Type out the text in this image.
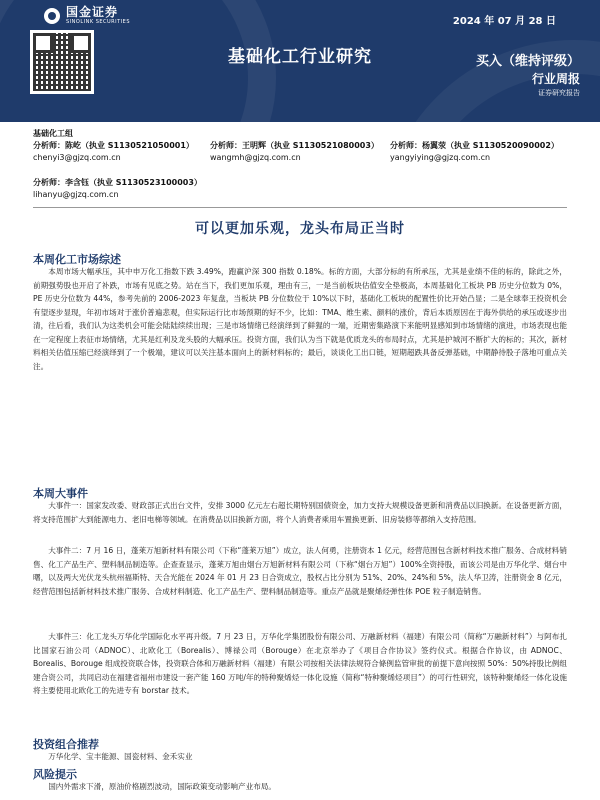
国金证券
SINOLINK SECURITIES	2024 年 07 月 28 日
基础化工行业研究	买入（维持评级）
行业周报
证券研究报告
基础化工组
分析师：陈屹（执业 S1130521050001）
chenyi3@gjzq.com.cn
分析师：王明辉（执业 S1130521080003）
wangmh@gjzq.com.cn
分析师：杨翼荥（执业 S1130520090002）
yangyiying@gjzq.com.cn
分析师：李含钰（执业 S1130523100003）
lihanyu@gjzq.com.cn
可以更加乐观，龙头布局正当时
本周化工市场综述

本周市场大幅承压，其中申万化工指数下跌 3.49%，跑赢沪深 300 指数 0.18%。标的方面，大部分标的有所承压，尤其是业绩不佳的标的，除此之外，前期强势股也开启了补跌，市场有见底之势。站在当下，我们更加乐观，理由有三，一是当前板块估值安全垫极高，本周基础化工板块 PB 历史分位数为 0%，PE 历史分位数为 44%，参考先前的 2006-2023 年复盘，当板块 PB 分位数位于 10%以下时，基础化工板块的配置性价比开始凸显；二是全球奉王投资机会有望逐步显现，年初市场对于涨价普遍悲观，但实际运行比市场预期的好不少，比如：TMA、维生素、颜料的涨价，背后本质原因在于海外供给的承压或逐步出清，往后看，我们认为这类机会可能会陆陆续续出现；三是市场情绪已经演绎到了鲜猩的一端，近期密集路演下来能明显感知到市场情绪的演进，市场表现也能在一定程度上表征市场情绪，尤其是红利及龙头股的大幅承压。投资方面，我们认为当下就是优质龙头的布局时点，尤其是护城河不断扩大的标的；其次，新材料相关估值压缩已经演绎到了一个极端，建议可以关注基本面向上的新材料标的；最后，谈谈化工出口链，短期超跌具备反弹基础，中期静待股子落地可重点关注。

本周大事件

大事件一：国家发改委、财政部正式出台文件，安排 3000 亿元左右超长期特别国债资金，加力支持大规模设备更新和消费品以旧换新。在设备更新方面，将支持范围扩大到能源电力、老旧电梯等领域。在消费品以旧换新方面，将个人消费者乘用车置换更新、旧房装修等都纳入支持范围。

大事件二：7 月 16 日，蓬莱万旭新材料有限公司（下称“蓬莱万旭”）成立，法人何勇，注册资本 1 亿元，经营范围包含新材料技术推广服务、合成材料销售、化工产品生产、塑料制品制造等。企查查显示，蓬莱万旭由烟台万旭新材料有限公司（下称“烟台万旭”）100%全资持股，而该公司是由万华化学、烟台中曙，以及两大光伏龙头杭州福斯特、天合光能在 2024 年 01 月 23 日合资成立，股权占比分别为 51%、20%、24%和 5%，法人华卫涛，注册资金 8 亿元，经营范围包括新材料技术推广服务、合成材料制造、化工产品生产、塑料制品制造等。重点产品就是聚烯烃弹性体 POE 粒子制造销售。

大事件三：化工龙头万华化学国际化水平再升级。7 月 23 日，万华化学集团股份有限公司、万融新材料（福建）有限公司（简称“万融新材料”）与阿布扎比国家石油公司（ADNOC）、北欧化工（Borealis）、博禄公司（Borouge）在北京举办了《项目合作协议》签约仪式。根据合作协议，由 ADNOC、Borealis、Borouge 组成投资联合体，投资联合体和万融新材料（福建）有限公司按相关法律法规符合條例监管审批的前提下意向按照 50%：50%持股比例组建合资公司，共同启动在福建省福州市建设一套产能 160 万吨/年的特种聚烯烃一体化设施（简称“特种聚烯烃项目”）的可行性研究，该特种聚烯烃一体化设施将主要使用北欧化工的先进专有 borstar 技术。

投资组合推荐

万华化学、宝丰能源、国瓷材料、金禾实业

风险提示

国内外需求下滑，原油价格剧烈波动，国际政策变动影响产业布局。
